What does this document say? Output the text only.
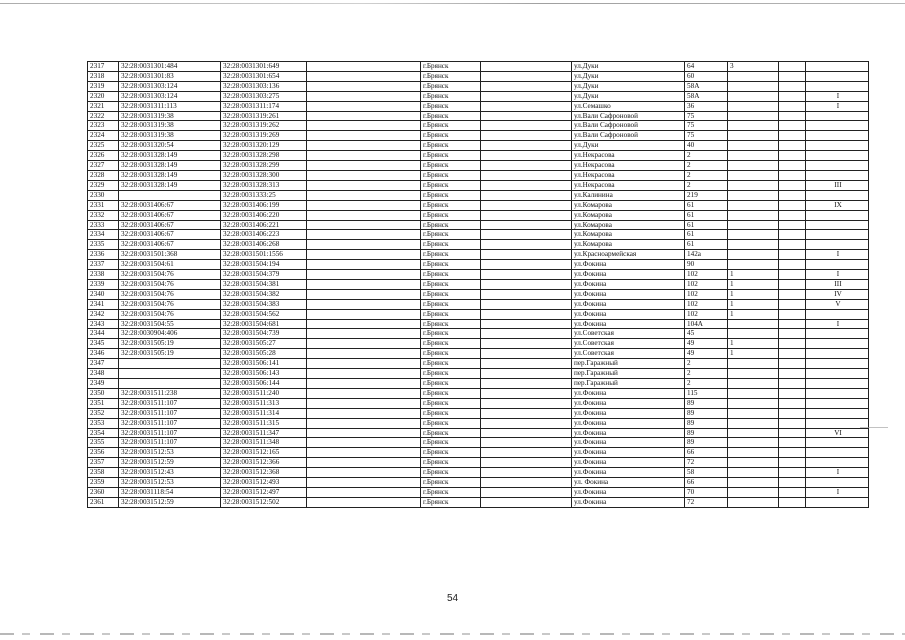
2317	32:28:0031301:484	32:28:0031301:649		г.Брянск		ул.Дуки	64	3		
2318	32:28:0031301:83	32:28:0031301:654		г.Брянск		ул.Дуки	60			
2319	32:28:0031303:124	32:28:0031303:136		г.Брянск		ул.Дуки	58А			
2320	32:28:0031303:124	32:28:0031303:275		г.Брянск		ул.Дуки	58А			I
2321	32:28:0031311:113	32:28:0031311:174		г.Брянск		ул.Семашко	36			I
2322	32:28:0031319:38	32:28:0031319:261		г.Брянск		ул.Вали Сафроновой	75			
2323	32:28:0031319:38	32:28:0031319:262		г.Брянск		ул.Вали Сафроновой	75			
2324	32:28:0031319:38	32:28:0031319:269		г.Брянск		ул.Вали Сафроновой	75			
2325	32:28:0031320:54	32:28:0031320:129		г.Брянск		ул.Дуки	40			
2326	32:28:0031328:149	32:28:0031328:298		г.Брянск		ул.Некрасова	2			
2327	32:28:0031328:149	32:28:0031328:299		г.Брянск		ул.Некрасова	2			
2328	32:28:0031328:149	32:28:0031328:300		г.Брянск		ул.Некрасова	2			
2329	32:28:0031328:149	32:28:0031328:313		г.Брянск		ул.Некрасова	2			III
2330		32:28:0031333:25		г.Брянск		ул.Калинина	219			
2331	32:28:0031406:67	32:28:0031406:199		г.Брянск		ул.Комарова	61			IX
2332	32:28:0031406:67	32:28:0031406:220		г.Брянск		ул.Комарова	61			
2333	32:28:0031406:67	32:28:0031406:221		г.Брянск		ул.Комарова	61			
2334	32:28:0031406:67	32:28:0031406:223		г.Брянск		ул.Комарова	61			
2335	32:28:0031406:67	32:28:0031406:268		г.Брянск		ул.Комарова	61			
2336	32:28:0031501:368	32:28:0031501:1556		г.Брянск		ул.Красноармейская	142a			I
2337	32:28:0031504:61	32:28:0031504:194		г.Брянск		ул.Фокина	90			
2338	32:28:0031504:76	32:28:0031504:379		г.Брянск		ул.Фокина	102	1		I
2339	32:28:0031504:76	32:28:0031504:381		г.Брянск		ул.Фокина	102	1		III
2340	32:28:0031504:76	32:28:0031504:382		г.Брянск		ул.Фокина	102	1		IV
2341	32:28:0031504:76	32:28:0031504:383		г.Брянск		ул.Фокина	102	1		V
2342	32:28:0031504:76	32:28:0031504:562		г.Брянск		ул.Фокина	102	1		
2343	32:28:0031504:55	32:28:0031504:681		г.Брянск		ул.Фокина	104А			I
2344	32:28:0030904:406	32:28:0031504:739		г.Брянск		ул.Советская	45			
2345	32:28:0031505:19	32:28:0031505:27		г.Брянск		ул.Советская	49	1		
2346	32:28:0031505:19	32:28:0031505:28		г.Брянск		ул.Советская	49	1		
2347		32:28:0031506:141		г.Брянск		пер.Гаражный	2			
2348		32:28:0031506:143		г.Брянск		пер.Гаражный	2			
2349		32:28:0031506:144		г.Брянск		пер.Гаражный	2			
2350	32:28:0031511:238	32:28:0031511:240		г.Брянск		ул.Фокина	115			
2351	32:28:0031511:107	32:28:0031511:313		г.Брянск		ул.Фокина	89			
2352	32:28:0031511:107	32:28:0031511:314		г.Брянск		ул.Фокина	89			
2353	32:28:0031511:107	32:28:0031511:315		г.Брянск		ул.Фокина	89			
2354	32:28:0031511:107	32:28:0031511:347		г.Брянск		ул.Фокина	89			VI
2355	32:28:0031511:107	32:28:0031511:348		г.Брянск		ул.Фокина	89			
2356	32:28:0031512:53	32:28:0031512:165		г.Брянск		ул.Фокина	66			
2357	32:28:0031512:59	32:28:0031512:366		г.Брянск		ул.Фокина	72			
2358	32:28:0031512:43	32:28:0031512:368		г.Брянск		ул.Фокина	58			I
2359	32:28:0031512:53	32:28:0031512:493		г.Брянск		ул. Фокина	66			
2360	32:28:0031118:54	32:28:0031512:497		г.Брянск		ул.Фокина	70			I
2361	32:28:0031512:59	32:28:0031512:502		г.Брянск		ул.Фокина	72			
54
